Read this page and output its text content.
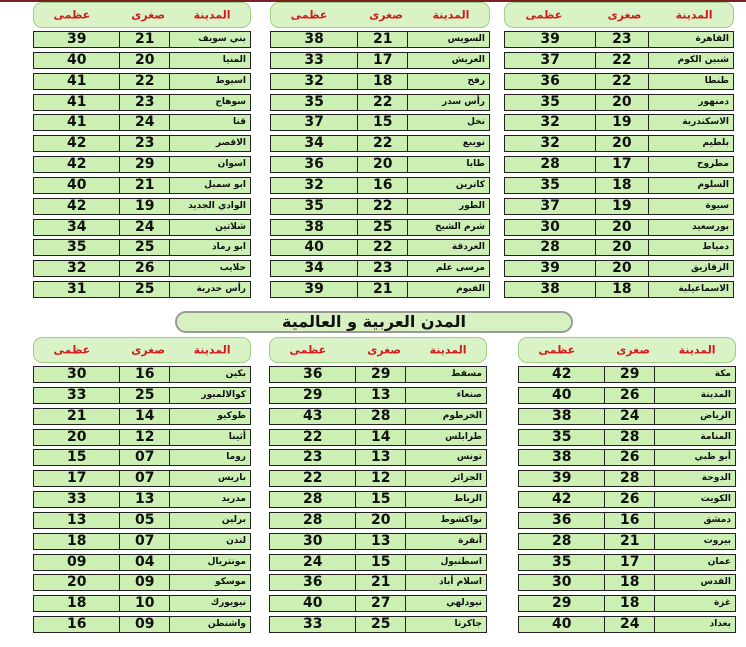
عظمى	صغرى	المدينة
39	23	القاهرة
37	22	شبين الكوم
36	22	طنطا
35	20	دمنهور
32	19	الاسكندرية
32	20	بلطيم
28	17	مطروح
35	18	السلوم
37	19	سيوة
30	20	بورسعيد
28	20	دمياط
39	20	الزقازيق
38	18	الاسماعيلية
عظمى	صغرى	المدينة
38	21	السويس
33	17	العريش
32	18	رفح
35	22	رأس سدر
37	15	نخل
34	22	نويبع
36	20	طابا
32	16	كاترين
35	22	الطور
38	25	شرم الشيخ
40	22	الغردقة
34	23	مرسى علم
39	21	الفيوم
عظمى	صغرى	المدينة
39	21	بني سويف
40	20	المنيا
41	22	اسيوط
41	23	سوهاج
41	24	قنا
42	23	الاقصر
42	29	اسوان
40	21	ابو سمبل
42	19	الوادي الجديد
34	24	شلاتين
35	25	ابو رماد
32	26	حلايب
31	25	رأس حدربة
المدن العربية و العالمية
عظمى	صغرى	المدينة
42	29	مكة
40	26	المدينة
38	24	الرياض
35	28	المنامة
38	26	أبو ظبي
39	28	الدوحة
42	26	الكويت
36	16	دمشق
28	21	بيروت
35	17	عمان
30	18	القدس
29	18	غزة
40	24	بغداد
عظمى	صغرى	المدينة
36	29	مسقط
29	13	صنعاء
43	28	الخرطوم
22	14	طرابلس
23	13	تونس
22	12	الجزائر
28	15	الرباط
28	20	نواكشوط
30	13	أنقرة
24	15	اسطنبول
36	21	اسلام أباد
40	27	نيودلهي
33	25	جاكرتا
عظمى	صغرى	المدينة
30	16	بكين
33	25	كوالالمبور
21	14	طوكيو
20	12	أثينا
15	07	روما
17	07	باريس
33	13	مدريد
13	05	برلين
18	07	لندن
09	04	مونتريال
20	09	موسكو
18	10	نيويورك
16	09	واشنطن
